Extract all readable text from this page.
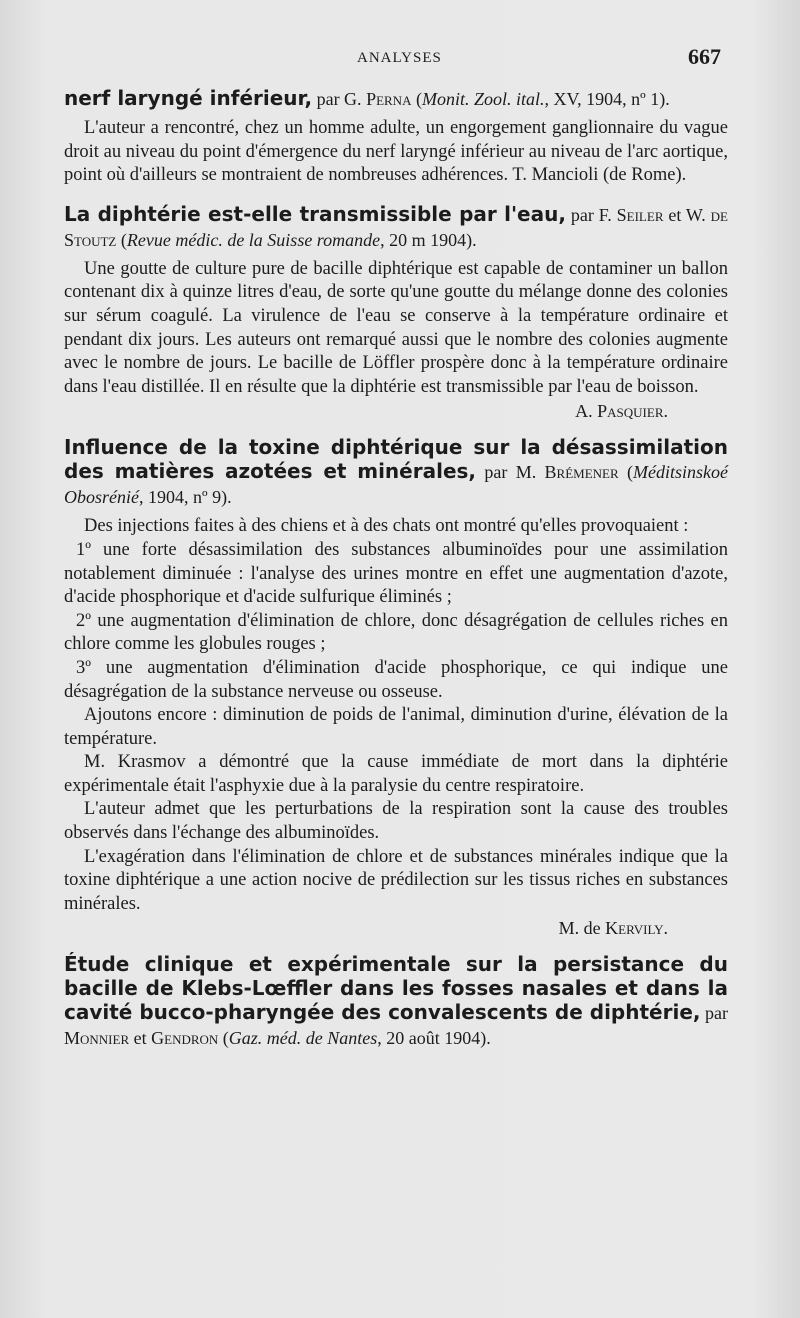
ANALYSES	667

nerf laryngé inférieur, par G. Perna (Monit. Zool. ital., XV, 1904, nº 1).

L'auteur a rencontré, chez un homme adulte, un engorgement ganglionnaire du vague droit au niveau du point d'émergence du nerf laryngé inférieur au niveau de l'arc aortique, point où d'ailleurs se montraient de nombreuses adhérences. T. Mancioli (de Rome).

La diphtérie est-elle transmissible par l'eau, par F. Seiler et W. de Stoutz (Revue médic. de la Suisse romande, 20 m 1904).

Une goutte de culture pure de bacille diphtérique est capable de contaminer un ballon contenant dix à quinze litres d'eau, de sorte qu'une goutte du mélange donne des colonies sur sérum coagulé. La virulence de l'eau se conserve à la température ordinaire et pendant dix jours. Les auteurs ont remarqué aussi que le nombre des colonies augmente avec le nombre de jours. Le bacille de Löffler prospère donc à la température ordinaire dans l'eau distillée. Il en résulte que la diphtérie est transmissible par l'eau de boisson.

A. Pasquier.

Influence de la toxine diphtérique sur la désassimilation des matières azotées et minérales, par M. Brémener (Méditsinskoé Obosrénié, 1904, nº 9).

Des injections faites à des chiens et à des chats ont montré qu'elles provoquaient :

1º une forte désassimilation des substances albuminoïdes pour une assimilation notablement diminuée : l'analyse des urines montre en effet une augmentation d'azote, d'acide phosphorique et d'acide sulfurique éliminés ;

2º une augmentation d'élimination de chlore, donc désagrégation de cellules riches en chlore comme les globules rouges ;

3º une augmentation d'élimination d'acide phosphorique, ce qui indique une désagrégation de la substance nerveuse ou osseuse.

Ajoutons encore : diminution de poids de l'animal, diminution d'urine, élévation de la température.

M. Krasmov a démontré que la cause immédiate de mort dans la diphtérie expérimentale était l'asphyxie due à la paralysie du centre respiratoire.

L'auteur admet que les perturbations de la respiration sont la cause des troubles observés dans l'échange des albuminoïdes.

L'exagération dans l'élimination de chlore et de substances minérales indique que la toxine diphtérique a une action nocive de prédilection sur les tissus riches en substances minérales.

M. de Kervily.

Étude clinique et expérimentale sur la persistance du bacille de Klebs-Lœffler dans les fosses nasales et dans la cavité bucco-pharyngée des convalescents de diphtérie, par Monnier et Gendron (Gaz. méd. de Nantes, 20 août 1904).
